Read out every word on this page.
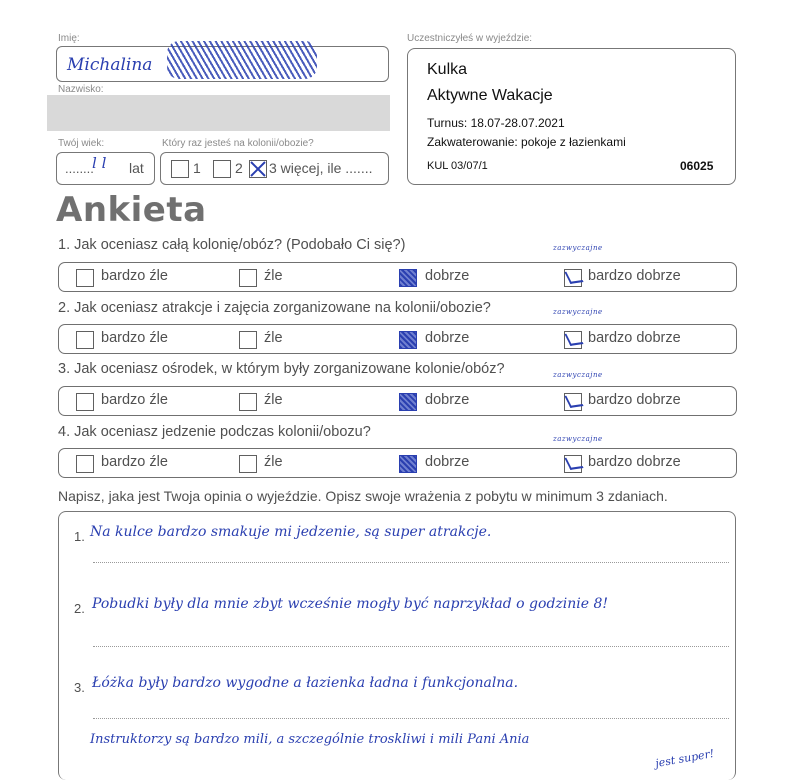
Imię:
Michalina
Nazwisko:
Twój wiek:
........
l l lat
Który raz jesteś na kolonii/obozie?
1 2 3 więcej, ile .......
Uczestniczyłeś w wyjeździe:
Kulka
Aktywne Wakacje
Turnus: 18.07-28.07.2021
Zakwaterowanie: pokoje z łazienkami
KUL 03/07/1	06025
Ankieta
1. Jak oceniasz całą kolonię/obóz? (Podobało Ci się?)	zazwyczajne
bardzo źle	źle	dobrze	bardzo dobrze
2. Jak oceniasz atrakcje i zajęcia zorganizowane na kolonii/obozie?	zazwyczajne
bardzo źle	źle	dobrze	bardzo dobrze
3. Jak oceniasz ośrodek, w którym były zorganizowane kolonie/obóz?	zazwyczajne
bardzo źle	źle	dobrze	bardzo dobrze
4. Jak oceniasz jedzenie podczas kolonii/obozu?	zazwyczajne
bardzo źle	źle	dobrze	bardzo dobrze
Napisz, jaka jest Twoja opinia o wyjeździe. Opisz swoje wrażenia z pobytu w minimum 3 zdaniach.
1.
2.
3.
Na kulce bardzo smakuje mi jedzenie, są super atrakcje.
Pobudki były dla mnie zbyt wcześnie mogły być naprzykład o godzinie 8!
Łóżka były bardzo wygodne a łazienka ładna i funkcjonalna.
Instruktorzy są bardzo mili, a szczególnie troskliwi i mili Pani Ania
jest super!
